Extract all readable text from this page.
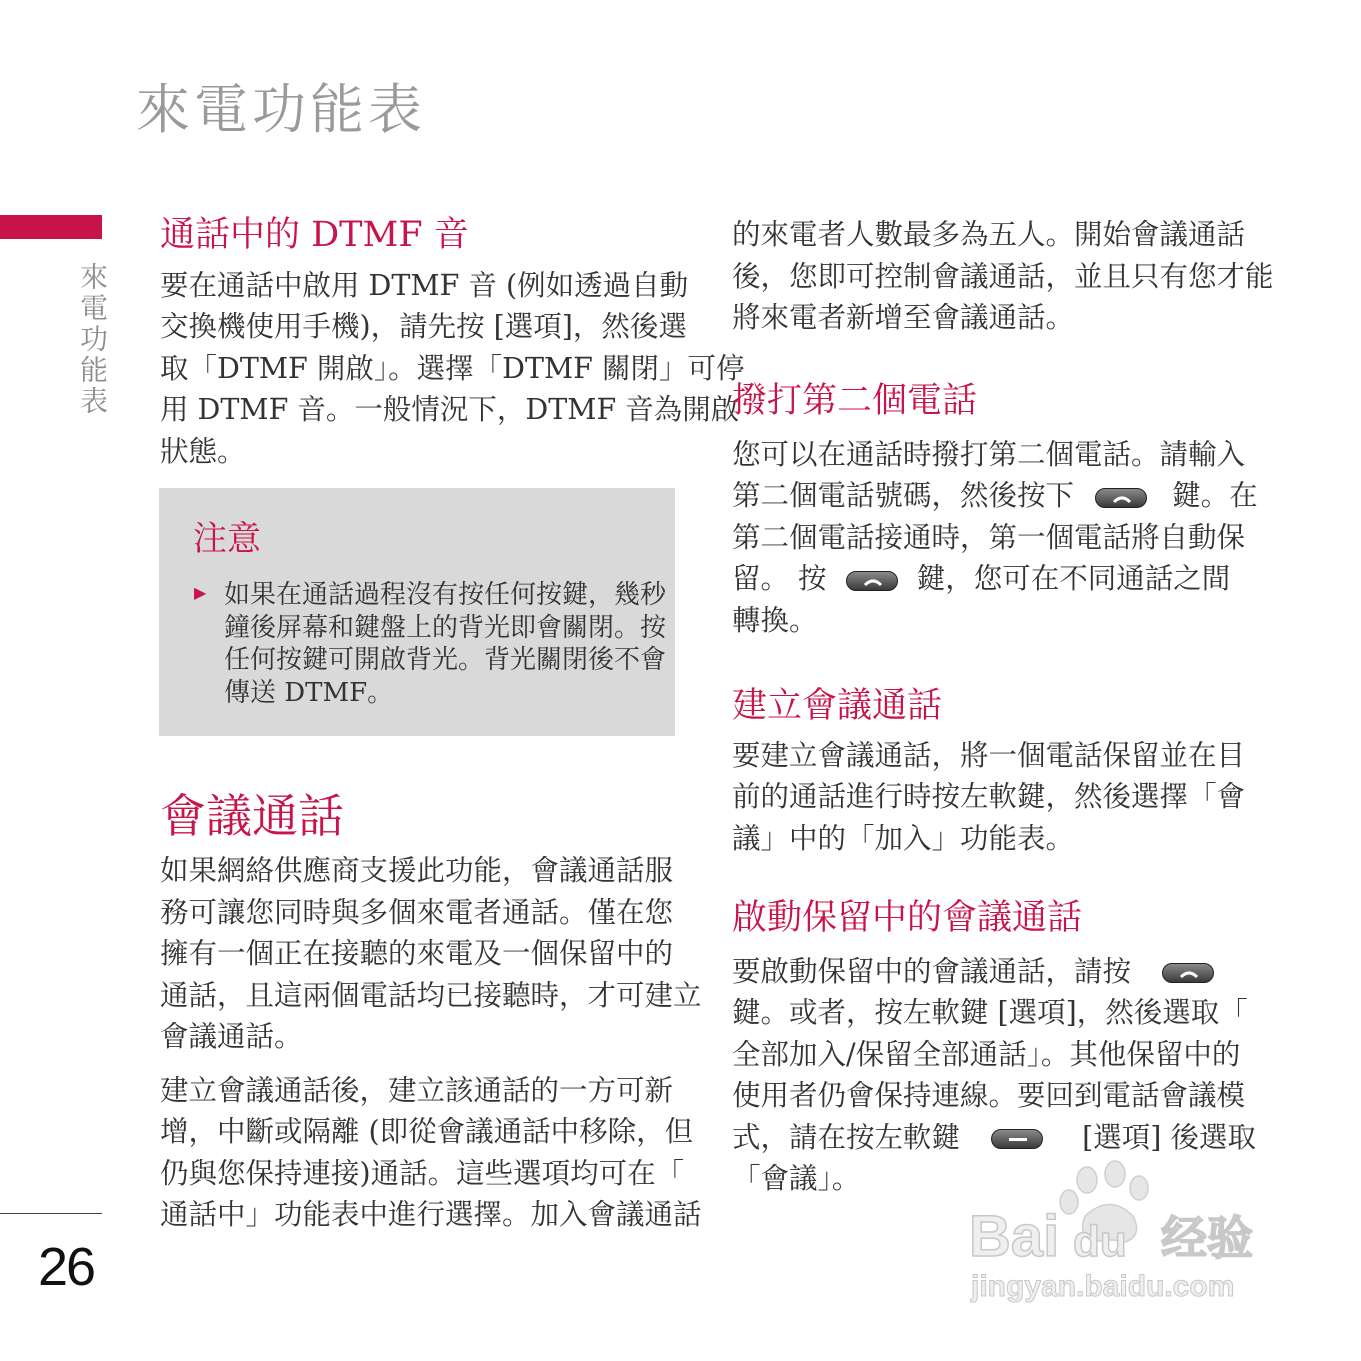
來電功能表
來電功能表
26
通話中的 DTMF 音
要在通話中啟用 DTMF 音 (例如透過自動
交換機使用手機)，請先按 [選項]，然後選
取「DTMF 開啟」。選擇「DTMF 關閉」可停
用 DTMF 音。一般情況下，DTMF 音為開啟
狀態。
注意
▶ 如果在通話過程沒有按任何按鍵，幾秒
鐘後屏幕和鍵盤上的背光即會關閉。按
任何按鍵可開啟背光。背光關閉後不會
傳送 DTMF。
會議通話
如果網絡供應商支援此功能，會議通話服
務可讓您同時與多個來電者通話。僅在您
擁有一個正在接聽的來電及一個保留中的
通話，且這兩個電話均已接聽時，才可建立
會議通話。
建立會議通話後，建立該通話的一方可新
增，中斷或隔離 (即從會議通話中移除，但
仍與您保持連接)通話。這些選項均可在「
通話中」功能表中進行選擇。加入會議通話
的來電者人數最多為五人。開始會議通話
後，您即可控制會議通話，並且只有您才能
將來電者新增至會議通話。
撥打第二個電話
您可以在通話時撥打第二個電話。請輸入
第二個電話號碼，然後按下	鍵。在
第二個電話接通時，第一個電話將自動保
留。 按	鍵，您可在不同通話之間
轉換。
建立會議通話
要建立會議通話，將一個電話保留並在目
前的通話進行時按左軟鍵，然後選擇「會
議」中的「加入」功能表。
啟動保留中的會議通話
要啟動保留中的會議通話，請按
鍵。或者，按左軟鍵 [選項]，然後選取「
全部加入/保留全部通話」。其他保留中的
使用者仍會保持連線。要回到電話會議模
式，請在按左軟鍵	[選項] 後選取
「會議」。
Bai du 经验
jingyan.baidu.com
